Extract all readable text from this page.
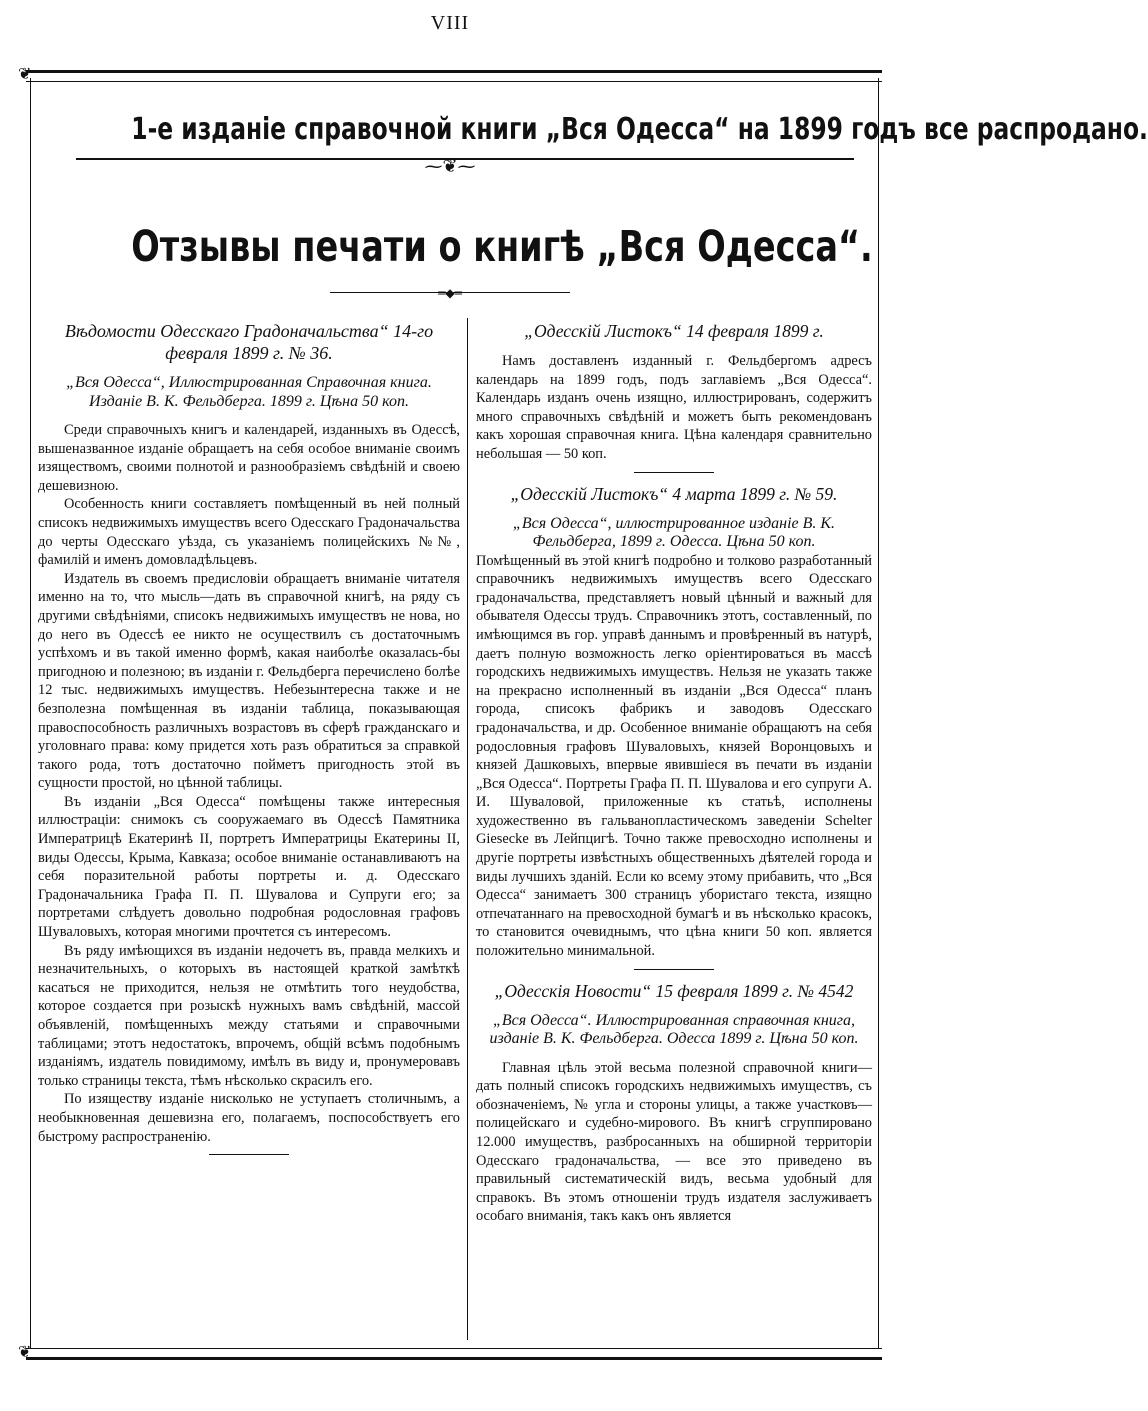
VIII
❦
❦
1-е изданіе справочной книги „Вся Одесса“ на 1899 годъ все распродано.
⁓❦⁓
Отзывы печати о книгѣ „Вся Одесса“.
═◆═
Вѣдомости Одесскаго Градоначальства“ 14-го февраля 1899 г. № 36.
„Вся Одесса“, Иллюстрированная Справочная книга. Изданіе В. К. Фельдберга. 1899 г. Цѣна 50 коп.

Среди справочныхъ книгъ и календарей, изданныхъ въ Одессѣ, вышеназванное изданіе обращаетъ на себя особое вниманіе своимъ изяществомъ, своими полнотой и разнообразіемъ свѣдѣній и своею дешевизною.

Особенность книги составляетъ помѣщенный въ ней полный списокъ недвижимыхъ имуществъ всего Одесскаго Градоначальства до черты Одесскаго уѣзда, съ указаніемъ полицейскихъ №№, фамилій и именъ домовладѣльцевъ.

Издатель въ своемъ предисловіи обращаетъ вниманіе читателя именно на то, что мысль—дать въ справочной книгѣ, на ряду съ другими свѣдѣніями, списокъ недвижимыхъ имуществъ не нова, но до него въ Одессѣ ее никто не осуществилъ съ достаточнымъ успѣхомъ и въ такой именно формѣ, какая наиболѣе оказалась-бы пригодною и полезною; въ изданіи г. Фельдберга перечислено болѣе 12 тыс. недвижимыхъ имуществъ. Небезынтересна также и не безполезна помѣщенная въ изданіи таблица, показывающая правоспособность различныхъ возрастовъ въ сферѣ гражданскаго и уголовнаго права: кому придется хоть разъ обратиться за справкой такого рода, тотъ достаточно пойметъ пригодность этой въ сущности простой, но цѣнной таблицы.

Въ изданіи „Вся Одесса“ помѣщены также интересныя иллюстраціи: снимокъ съ сооружаемаго въ Одессѣ Памятника Императрицѣ Екатеринѣ II, портретъ Императрицы Екатерины II, виды Одессы, Крыма, Кавказа; особое вниманіе останавливаютъ на себя поразительной работы портреты и. д. Одесскаго Градоначальника Графа П. П. Шувалова и Супруги его; за портретами слѣдуетъ довольно подробная родословная графовъ Шуваловыхъ, которая многими прочтется съ интересомъ.

Въ ряду имѣющихся въ изданіи недочетъ въ, правда мелкихъ и незначительныхъ, о которыхъ въ настоящей краткой замѣткѣ касаться не приходится, нельзя не отмѣтить того неудобства, которое создается при розыскѣ нужныхъ вамъ свѣдѣній, массой объявленій, помѣщенныхъ между статьями и справочными таблицами; этотъ недостатокъ, впрочемъ, общій всѣмъ подобнымъ изданіямъ, издатель повидимому, имѣлъ въ виду и, пронумеровавъ только страницы текста, тѣмъ нѣсколько скрасилъ его.

По изяществу изданіе нисколько не уступаетъ столичнымъ, а необыкновенная дешевизна его, полагаемъ, поспособствуетъ его быстрому распространенію.

„Одесскій Листокъ“ 14 февраля 1899 г.

Намъ доставленъ изданный г. Фельдбергомъ адресъ календарь на 1899 годъ, подъ заглавіемъ „Вся Одесса“. Календарь изданъ очень изящно, иллюстрированъ, содержитъ много справочныхъ свѣдѣній и можетъ быть рекомендованъ какъ хорошая справочная книга. Цѣна календаря сравнительно небольшая — 50 коп.

„Одесскій Листокъ“ 4 марта 1899 г. № 59.
„Вся Одесса“, иллюстрированное изданіе В. К. Фельдберга, 1899 г. Одесса. Цѣна 50 коп.

Помѣщенный въ этой книгѣ подробно и толково разработанный справочникъ недвижимыхъ имуществъ всего Одесскаго градоначальства, представляетъ новый цѣнный и важный для обывателя Одессы трудъ. Справочникъ этотъ, составленный, по имѣющимся въ гор. управѣ даннымъ и провѣренный въ натурѣ, даетъ полную возможность легко оріентироваться въ массѣ городскихъ недвижимыхъ имуществъ. Нельзя не указать также на прекрасно исполненный въ изданіи „Вся Одесса“ планъ города, списокъ фабрикъ и заводовъ Одесскаго градоначальства, и др. Особенное вниманіе обращаютъ на себя родословныя графовъ Шуваловыхъ, князей Воронцовыхъ и князей Дашковыхъ, впервые явившіеся въ печати въ изданіи „Вся Одесса“. Портреты Графа П. П. Шувалова и его супруги А. И. Шуваловой, приложенные къ статьѣ, исполнены художественно въ гальванопластическомъ заведеніи Schelter Giesecke въ Лейпцигѣ. Точно также превосходно исполнены и другіе портреты извѣстныхъ общественныхъ дѣятелей города и виды лучшихъ зданій. Если ко всему этому прибавить, что „Вся Одесса“ занимаетъ 300 страницъ убористаго текста, изящно отпечатаннаго на превосходной бумагѣ и въ нѣсколько красокъ, то становится очевиднымъ, что цѣна книги 50 коп. является положительно минимальной.

„Одесскія Новости“ 15 февраля 1899 г. № 4542
„Вся Одесса“. Иллюстрированная справочная книга, изданіе В. К. Фельдберга. Одесса 1899 г. Цѣна 50 коп.

Главная цѣль этой весьма полезной справочной книги—дать полный списокъ городскихъ недвижимыхъ имуществъ, съ обозначеніемъ, № угла и стороны улицы, а также участковъ—полицейскаго и судебно-мирового. Въ книгѣ сгруппировано 12.000 имуществъ, разбросанныхъ на обширной территоріи Одесскаго градоначальства, — все это приведено въ правильный систематическій видъ, весьма удобный для справокъ. Въ этомъ отношеніи трудъ издателя заслуживаетъ особаго вниманія, такъ какъ онъ является
